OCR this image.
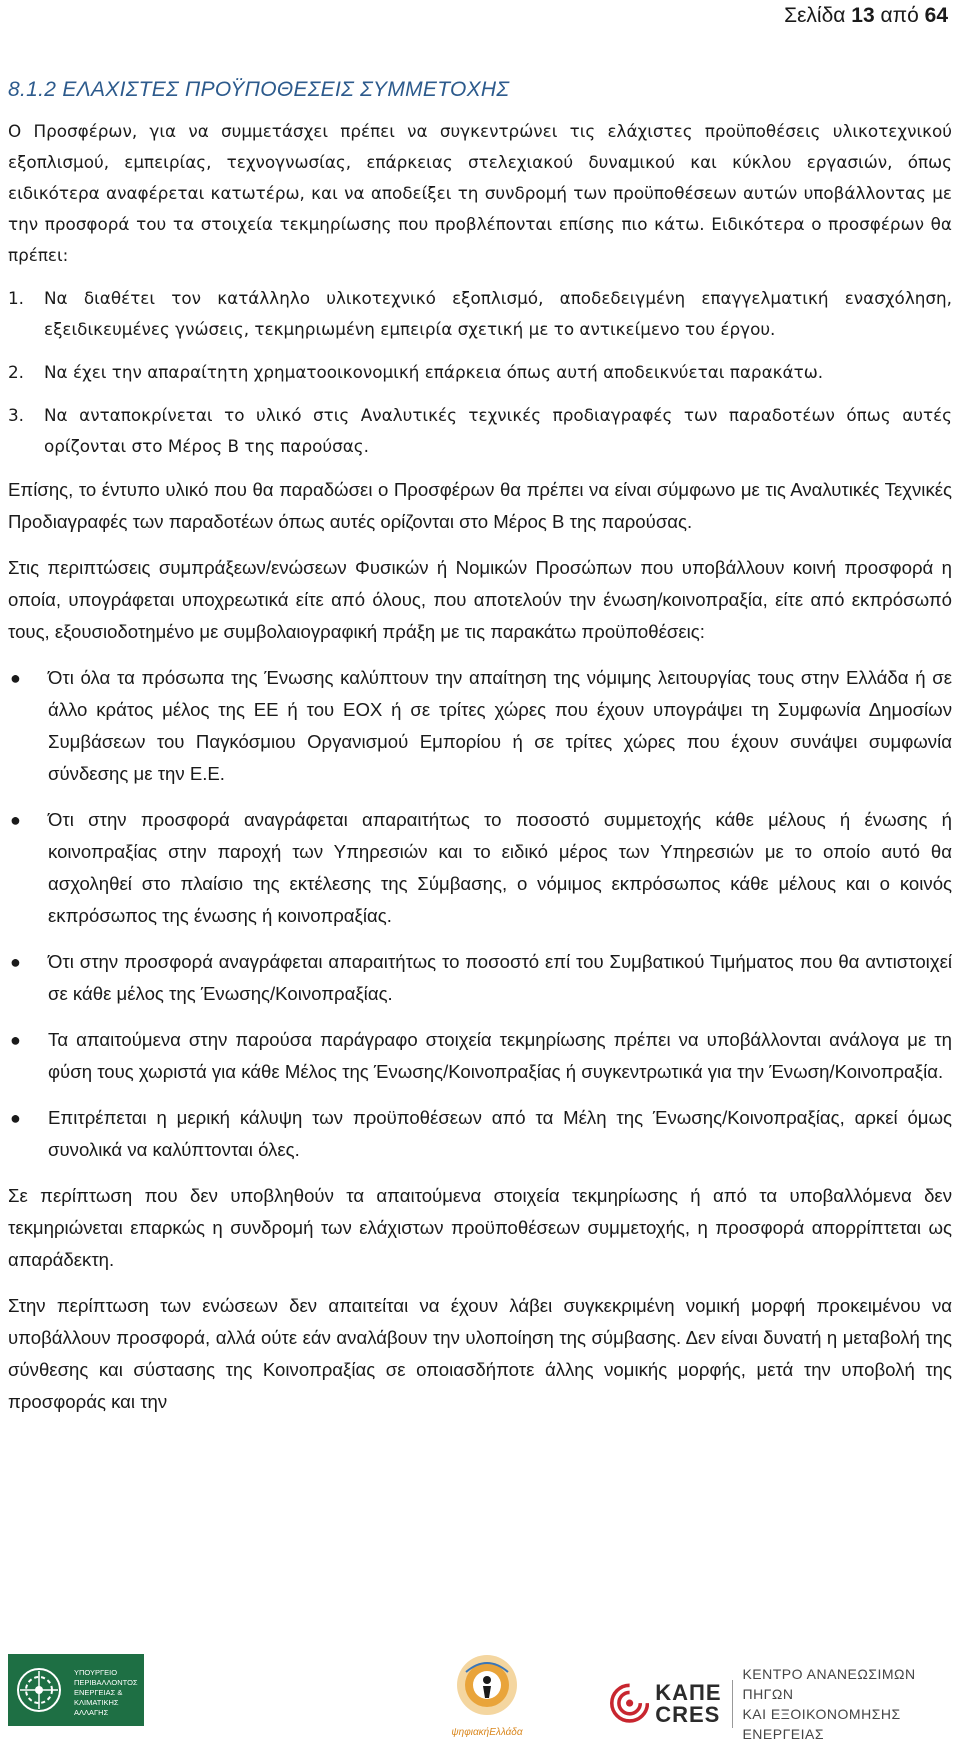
Σελίδα 13 από 64
8.1.2 ΕΛΑΧΙΣΤΕΣ ΠΡΟΫΠΟΘΕΣΕΙΣ ΣΥΜΜΕΤΟΧΗΣ

Ο Προσφέρων, για να συμμετάσχει πρέπει να συγκεντρώνει τις ελάχιστες προϋποθέσεις υλικοτεχνικού εξοπλισμού, εμπειρίας, τεχνογνωσίας, επάρκειας στελεχιακού δυναμικού και κύκλου εργασιών, όπως ειδικότερα αναφέρεται κατωτέρω, και να αποδείξει τη συνδρομή των προϋποθέσεων αυτών υποβάλλοντας με την προσφορά του τα στοιχεία τεκμηρίωσης που προβλέπονται επίσης πιο κάτω. Ειδικότερα ο προσφέρων θα πρέπει:

1.	Να διαθέτει τον κατάλληλο υλικοτεχνικό εξοπλισμό, αποδεδειγμένη επαγγελματική ενασχόληση, εξειδικευμένες γνώσεις, τεκμηριωμένη εμπειρία σχετική με το αντικείμενο του έργου.
2.	Να έχει την απαραίτητη χρηματοοικονομική επάρκεια όπως αυτή αποδεικνύεται παρακάτω.
3.	Να ανταποκρίνεται το υλικό στις Αναλυτικές τεχνικές προδιαγραφές των παραδοτέων όπως αυτές ορίζονται στο Μέρος Β της παρούσας.

Επίσης, το έντυπο υλικό που θα παραδώσει ο Προσφέρων θα πρέπει να είναι σύμφωνο με τις Αναλυτικές Τεχνικές Προδιαγραφές των παραδοτέων όπως αυτές ορίζονται στο Μέρος Β της παρούσας.

Στις περιπτώσεις συμπράξεων/ενώσεων Φυσικών ή Νομικών Προσώπων που υποβάλλουν κοινή προσφορά η οποία, υπογράφεται υποχρεωτικά είτε από όλους, που αποτελούν την ένωση/κοινοπραξία, είτε από εκπρόσωπό τους, εξουσιοδοτημένο με συμβολαιογραφική πράξη με τις παρακάτω προϋποθέσεις:

●	Ότι όλα τα πρόσωπα της Ένωσης καλύπτουν την απαίτηση της νόμιμης λειτουργίας τους στην Ελλάδα ή σε άλλο κράτος μέλος της ΕΕ ή του ΕΟΧ ή σε τρίτες χώρες που έχουν υπογράψει τη Συμφωνία Δημοσίων Συμβάσεων του Παγκόσμιου Οργανισμού Εμπορίου ή σε τρίτες χώρες που έχουν συνάψει συμφωνία σύνδεσης με την Ε.Ε.
●	Ότι στην προσφορά αναγράφεται απαραιτήτως το ποσοστό συμμετοχής κάθε μέλους ή ένωσης ή κοινοπραξίας στην παροχή των Υπηρεσιών και το ειδικό μέρος των Υπηρεσιών με το οποίο αυτό θα ασχοληθεί στο πλαίσιο της εκτέλεσης της Σύμβασης, ο νόμιμος εκπρόσωπος κάθε μέλους και ο κοινός εκπρόσωπος της ένωσης ή κοινοπραξίας.
●	Ότι στην προσφορά αναγράφεται απαραιτήτως το ποσοστό επί του Συμβατικού Τιμήματος που θα αντιστοιχεί σε κάθε μέλος της Ένωσης/Κοινοπραξίας.
●	Τα απαιτούμενα στην παρούσα παράγραφο στοιχεία τεκμηρίωσης πρέπει να υποβάλλονται ανάλογα με τη φύση τους χωριστά για κάθε Μέλος της Ένωσης/Κοινοπραξίας ή συγκεντρωτικά για την Ένωση/Κοινοπραξία.
●	Επιτρέπεται η μερική κάλυψη των προϋποθέσεων από τα Μέλη της Ένωσης/Κοινοπραξίας, αρκεί όμως συνολικά να καλύπτονται όλες.

Σε περίπτωση που δεν υποβληθούν τα απαιτούμενα στοιχεία τεκμηρίωσης ή από τα υποβαλλόμενα δεν τεκμηριώνεται επαρκώς η συνδρομή των ελάχιστων προϋποθέσεων συμμετοχής, η προσφορά απορρίπτεται ως απαράδεκτη.

Στην περίπτωση των ενώσεων δεν απαιτείται να έχουν λάβει συγκεκριμένη νομική μορφή προκειμένου να υποβάλλουν προσφορά, αλλά ούτε εάν αναλάβουν την υλοποίηση της σύμβασης. Δεν είναι δυνατή η μεταβολή της σύνθεσης και σύστασης της Κοινοπραξίας σε οποιασδήποτε άλλης νομικής μορφής, μετά την υποβολή της προσφοράς και την

ΥΠΟΥΡΓΕΙΟ ΠΕΡΙΒΑΛΛΟΝΤΟΣ ΕΝΕΡΓΕΙΑΣ & ΚΛΙΜΑΤΙΚΗΣ ΑΛΛΑΓΗΣ
ψηφιακήΕλλάδα
ΚΑΠΕ
CRES
ΚΕΝΤΡΟ ΑΝΑΝΕΩΣΙΜΩΝ ΠΗΓΩΝ
ΚΑΙ ΕΞΟΙΚΟΝΟΜΗΣΗΣ ΕΝΕΡΓΕΙΑΣ
